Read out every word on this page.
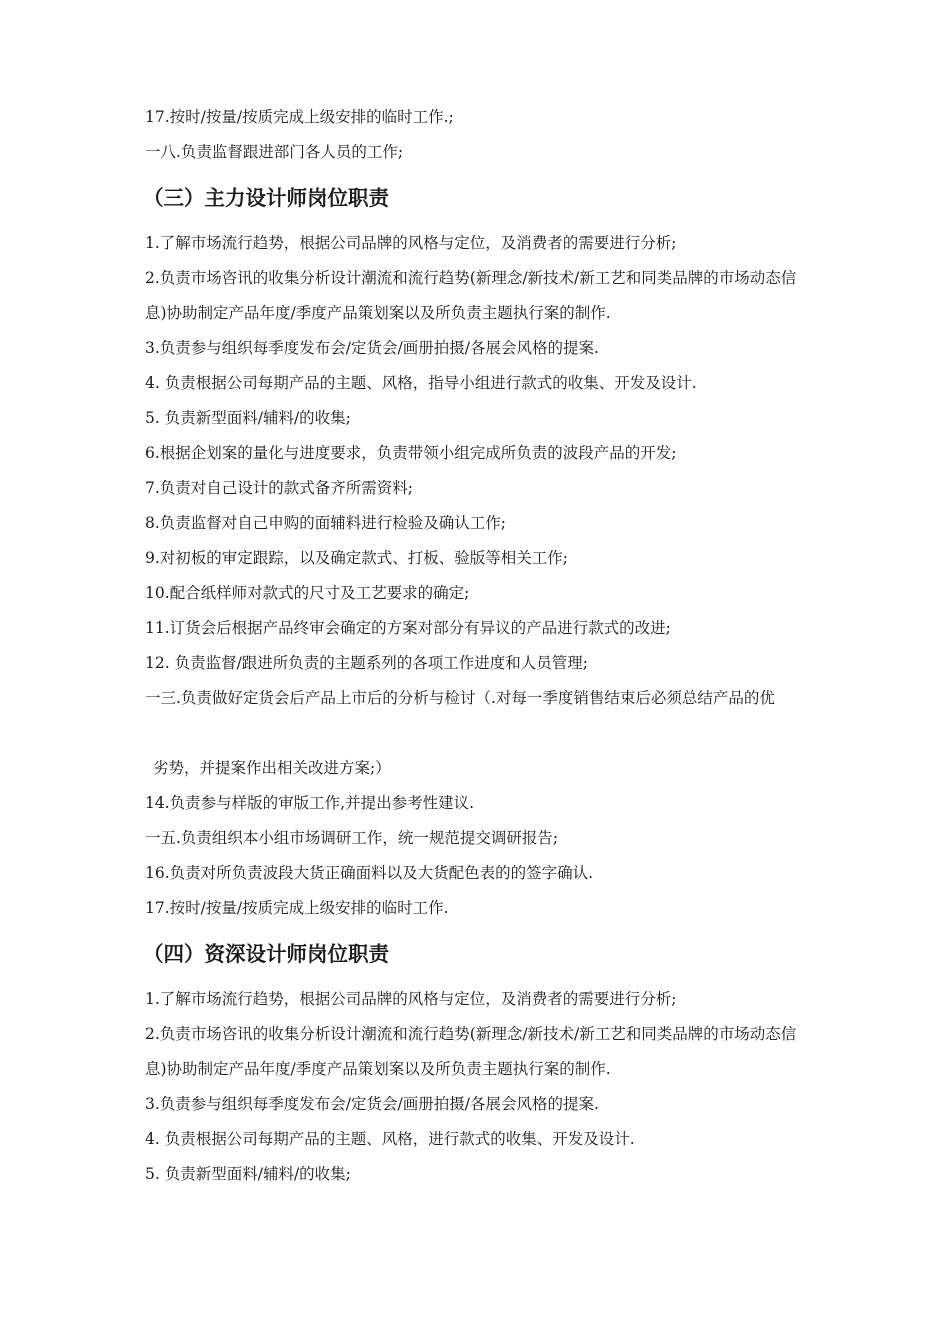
17.按时/按量/按质完成上级安排的临时工作.;
一八.负责监督跟进部门各人员的工作;
（三）主力设计师岗位职责
1.了解市场流行趋势，根据公司品牌的风格与定位，及消费者的需要进行分析;
2.负责市场咨讯的收集分析设计潮流和流行趋势(新理念/新技术/新工艺和同类品牌的市场动态信息)协助制定产品年度/季度产品策划案以及所负责主题执行案的制作.
3.负责参与组织每季度发布会/定货会/画册拍摄/各展会风格的提案.
4. 负责根据公司每期产品的主题、风格，指导小组进行款式的收集、开发及设计.
5. 负责新型面料/辅料/的收集;
6.根据企划案的量化与进度要求，负责带领小组完成所负责的波段产品的开发;
7.负责对自己设计的款式备齐所需资料;
8.负责监督对自己申购的面辅料进行检验及确认工作;
9.对初板的审定跟踪，以及确定款式、打板、验版等相关工作;
10.配合纸样师对款式的尺寸及工艺要求的确定;
11.订货会后根据产品终审会确定的方案对部分有异议的产品进行款式的改进;
12. 负责监督/跟进所负责的主题系列的各项工作进度和人员管理;
一三.负责做好定货会后产品上市后的分析与检讨（.对每一季度销售结束后必须总结产品的优
劣势，并提案作出相关改进方案;）
14.负责参与样版的审版工作,并提出参考性建议.
一五.负责组织本小组市场调研工作，统一规范提交调研报告;
16.负责对所负责波段大货正确面料以及大货配色表的的签字确认.
17.按时/按量/按质完成上级安排的临时工作.
（四）资深设计师岗位职责
1.了解市场流行趋势，根据公司品牌的风格与定位，及消费者的需要进行分析;
2.负责市场咨讯的收集分析设计潮流和流行趋势(新理念/新技术/新工艺和同类品牌的市场动态信息)协助制定产品年度/季度产品策划案以及所负责主题执行案的制作.
3.负责参与组织每季度发布会/定货会/画册拍摄/各展会风格的提案.
4. 负责根据公司每期产品的主题、风格，进行款式的收集、开发及设计.
5. 负责新型面料/辅料/的收集;
